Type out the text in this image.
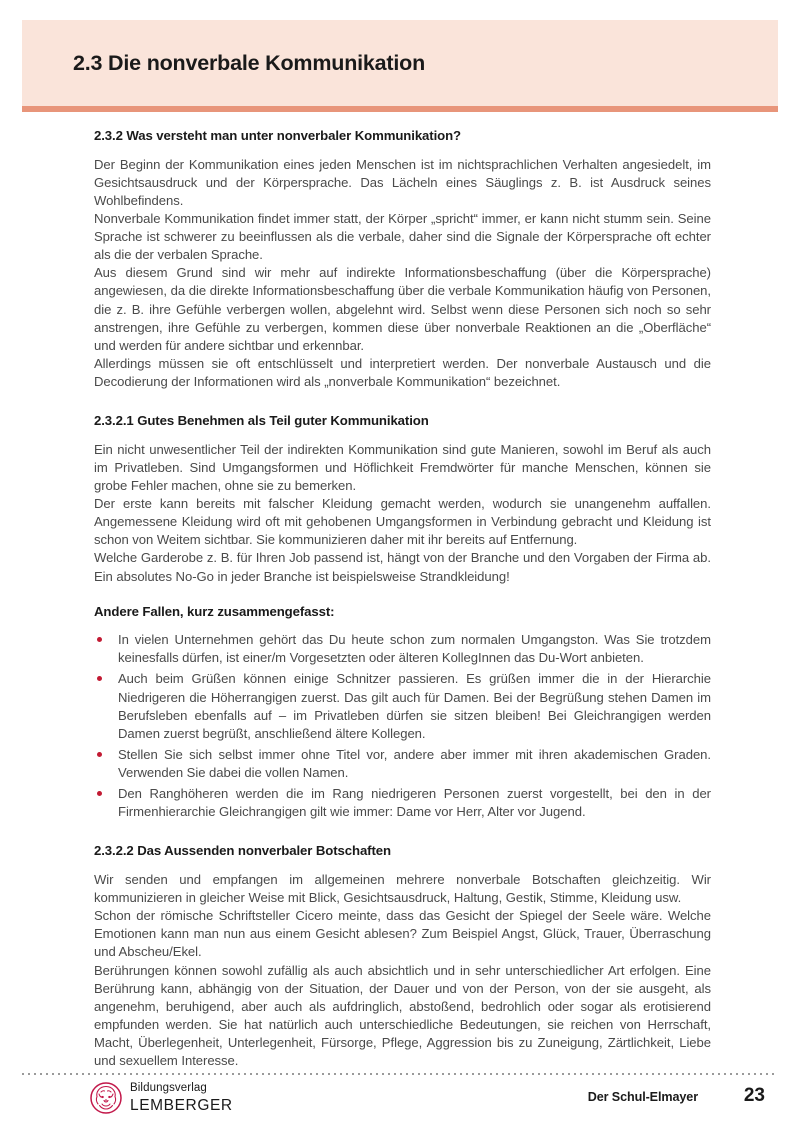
2.3 Die nonverbale Kommunikation
2.3.2 Was versteht man unter nonverbaler Kommunikation?

Der Beginn der Kommunikation eines jeden Menschen ist im nichtsprachlichen Verhalten angesiedelt, im Gesichtsausdruck und der Körpersprache. Das Lächeln eines Säuglings z. B. ist Ausdruck seines Wohlbefindens.

Nonverbale Kommunikation findet immer statt, der Körper „spricht“ immer, er kann nicht stumm sein. Seine Sprache ist schwerer zu beeinflussen als die verbale, daher sind die Signale der Körpersprache oft echter als die der verbalen Sprache.

Aus diesem Grund sind wir mehr auf indirekte Informationsbeschaffung (über die Körpersprache) angewiesen, da die direkte Informationsbeschaffung über die verbale Kommunikation häufig von Personen, die z. B. ihre Gefühle verbergen wollen, abgelehnt wird. Selbst wenn diese Personen sich noch so sehr anstrengen, ihre Gefühle zu verbergen, kommen diese über nonverbale Reaktionen an die „Oberfläche“ und werden für andere sichtbar und erkennbar.

Allerdings müssen sie oft entschlüsselt und interpretiert werden. Der nonverbale Austausch und die Decodierung der Informationen wird als „nonverbale Kommunikation“ bezeichnet.

2.3.2.1 Gutes Benehmen als Teil guter Kommunikation

Ein nicht unwesentlicher Teil der indirekten Kommunikation sind gute Manieren, sowohl im Beruf als auch im Privatleben. Sind Umgangsformen und Höflichkeit Fremdwörter für manche Menschen, können sie grobe Fehler machen, ohne sie zu bemerken.

Der erste kann bereits mit falscher Kleidung gemacht werden, wodurch sie unangenehm auffallen. Angemessene Kleidung wird oft mit gehobenen Umgangsformen in Verbindung gebracht und Kleidung ist schon von Weitem sichtbar. Sie kommunizieren daher mit ihr bereits auf Entfernung.

Welche Garderobe z. B. für Ihren Job passend ist, hängt von der Branche und den Vorgaben der Firma ab. Ein absolutes No-Go in jeder Branche ist beispielsweise Strandkleidung!

Andere Fallen, kurz zusammengefasst:
In vielen Unternehmen gehört das Du heute schon zum normalen Umgangston. Was Sie trotzdem keinesfalls dürfen, ist einer/m Vorgesetzten oder älteren KollegInnen das Du-Wort anbieten.
Auch beim Grüßen können einige Schnitzer passieren. Es grüßen immer die in der Hierarchie Niedrigeren die Höherrangigen zuerst. Das gilt auch für Damen. Bei der Begrüßung stehen Damen im Berufsleben ebenfalls auf – im Privatleben dürfen sie sitzen bleiben! Bei Gleichrangigen werden Damen zuerst begrüßt, anschließend ältere Kollegen.
Stellen Sie sich selbst immer ohne Titel vor, andere aber immer mit ihren akademischen Graden. Verwenden Sie dabei die vollen Namen.
Den Ranghöheren werden die im Rang niedrigeren Personen zuerst vorgestellt, bei den in der Firmenhierarchie Gleichrangigen gilt wie immer: Dame vor Herr, Alter vor Jugend.
2.3.2.2 Das Aussenden nonverbaler Botschaften

Wir senden und empfangen im allgemeinen mehrere nonverbale Botschaften gleichzeitig. Wir kommunizieren in gleicher Weise mit Blick, Gesichtsausdruck, Haltung, Gestik, Stimme, Kleidung usw.

Schon der römische Schriftsteller Cicero meinte, dass das Gesicht der Spiegel der Seele wäre. Welche Emotionen kann man nun aus einem Gesicht ablesen? Zum Beispiel Angst, Glück, Trauer, Überraschung und Abscheu/Ekel.

Berührungen können sowohl zufällig als auch absichtlich und in sehr unterschiedlicher Art erfolgen. Eine Berührung kann, abhängig von der Situation, der Dauer und von der Person, von der sie ausgeht, als angenehm, beruhigend, aber auch als aufdringlich, abstoßend, bedrohlich oder sogar als erotisierend empfunden werden. Sie hat natürlich auch unterschiedliche Bedeutungen, sie reichen von Herrschaft, Macht, Überlegenheit, Unterlegenheit, Fürsorge, Pflege, Aggression bis zu Zuneigung, Zärtlichkeit, Liebe und sexuellem Interesse.

Bildungsverlag
LEMBERGER	Der Schul-Elmayer 23
